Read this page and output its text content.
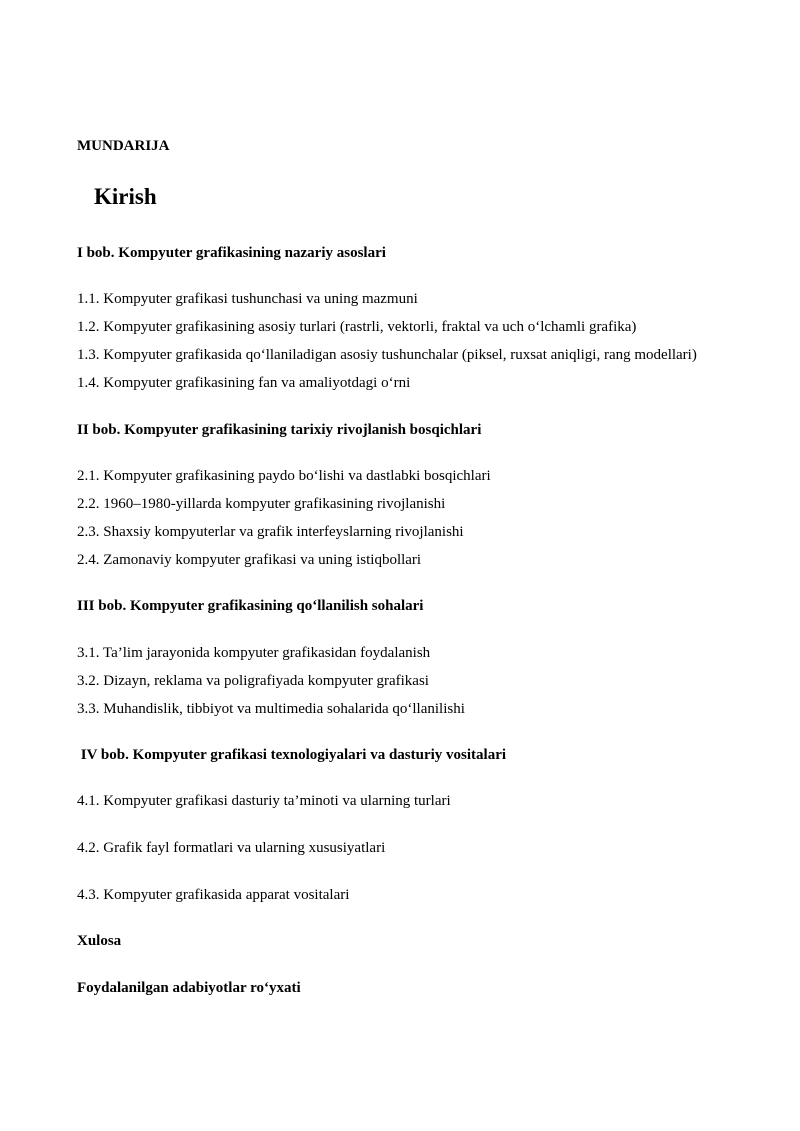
MUNDARIJA
Kirish
I bob. Kompyuter grafikasining nazariy asoslari
1.1. Kompyuter grafikasi tushunchasi va uning mazmuni
1.2. Kompyuter grafikasining asosiy turlari (rastrli, vektorli, fraktal va uch o‘lchamli grafika)
1.3. Kompyuter grafikasida qo‘llaniladigan asosiy tushunchalar (piksel, ruxsat aniqligi, rang modellari)
1.4. Kompyuter grafikasining fan va amaliyotdagi o‘rni
II bob. Kompyuter grafikasining tarixiy rivojlanish bosqichlari
2.1. Kompyuter grafikasining paydo bo‘lishi va dastlabki bosqichlari
2.2. 1960–1980-yillarda kompyuter grafikasining rivojlanishi
2.3. Shaxsiy kompyuterlar va grafik interfeyslarning rivojlanishi
2.4. Zamonaviy kompyuter grafikasi va uning istiqbollari
III bob. Kompyuter grafikasining qo‘llanilish sohalari
3.1. Ta’lim jarayonida kompyuter grafikasidan foydalanish
3.2. Dizayn, reklama va poligrafiyada kompyuter grafikasi
3.3. Muhandislik, tibbiyot va multimedia sohalarida qo‘llanilishi
IV bob. Kompyuter grafikasi texnologiyalari va dasturiy vositalari
4.1. Kompyuter grafikasi dasturiy ta’minoti va ularning turlari
4.2. Grafik fayl formatlari va ularning xususiyatlari
4.3. Kompyuter grafikasida apparat vositalari
Xulosa
Foydalanilgan adabiyotlar ro‘yxati
